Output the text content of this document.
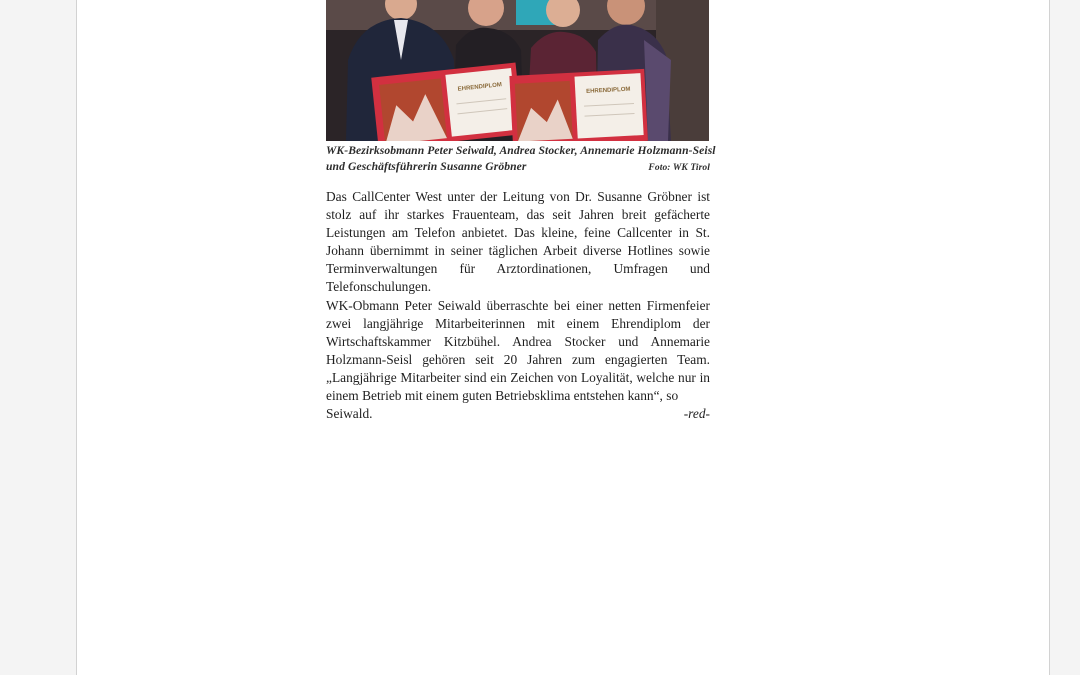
EHRENDIPLOM	EHRENDIPLOM
WK-Bezirksobmann Peter Seiwald, Andrea Stocker, Annemarie Holzmann-Seisl
und Geschäftsführerin Susanne Gröbner	Foto: WK Tirol

Das CallCenter West unter der Leitung von Dr. Susanne Gröbner ist stolz auf ihr starkes Frauenteam, das seit Jahren breit gefächerte Leistungen am Telefon anbietet. Das kleine, feine Callcenter in St. Johann übernimmt in seiner täglichen Arbeit diverse Hotlines sowie Terminverwaltungen für Arztordinationen, Umfragen und Telefonschulungen.

WK-Obmann Peter Seiwald überraschte bei einer netten Firmenfeier zwei langjährige Mitarbeiterinnen mit einem Ehrendiplom der Wirtschaftskammer Kitzbühel. Andrea Stocker und Annemarie Holzmann-Seisl gehören seit 20 Jahren zum engagierten Team. „Langjährige Mitarbeiter sind ein Zeichen von Loyalität, welche nur in einem Betrieb mit einem guten Betriebsklima entstehen kann“, so

Seiwald.	-red-
